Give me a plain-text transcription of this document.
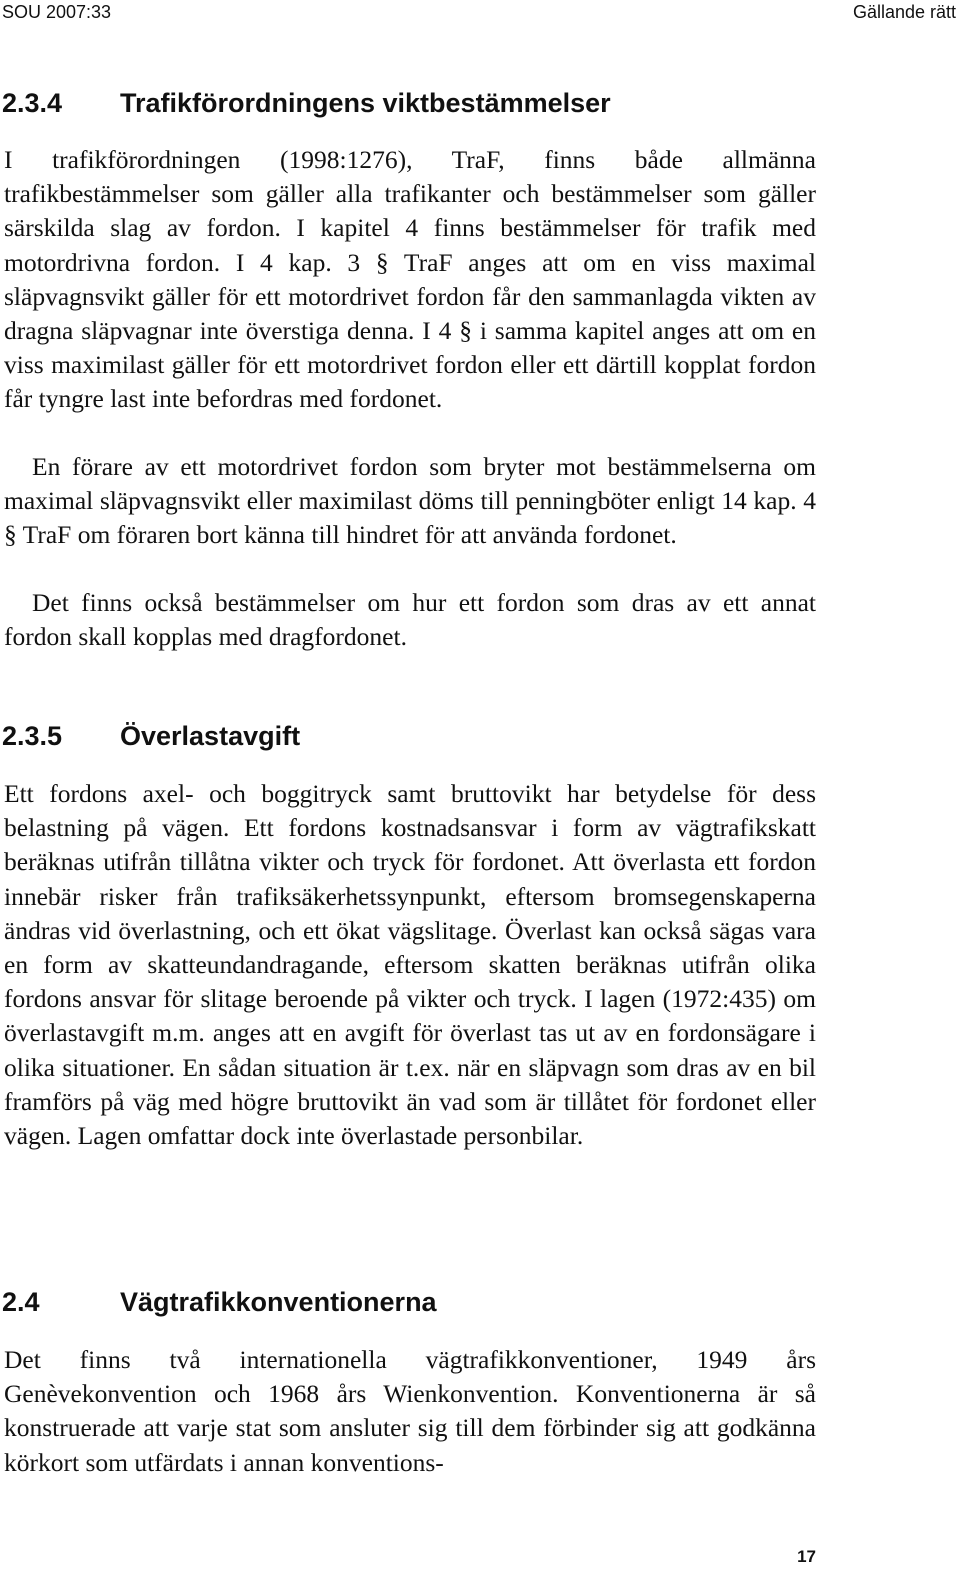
SOU 2007:33	Gällande rätt
2.3.4 Trafikförordningens viktbestämmelser

I trafikförordningen (1998:1276), TraF, finns både allmänna trafikbestämmelser som gäller alla trafikanter och bestämmelser som gäller särskilda slag av fordon. I kapitel 4 finns bestämmelser för trafik med motordrivna fordon. I 4 kap. 3 § TraF anges att om en viss maximal släpvagnsvikt gäller för ett motordrivet fordon får den sammanlagda vikten av dragna släpvagnar inte överstiga denna. I 4 § i samma kapitel anges att om en viss maximilast gäller för ett motordrivet fordon eller ett därtill kopplat fordon får tyngre last inte befordras med fordonet.

En förare av ett motordrivet fordon som bryter mot bestämmelserna om maximal släpvagnsvikt eller maximilast döms till penningböter enligt 14 kap. 4 § TraF om föraren bort känna till hindret för att använda fordonet.

Det finns också bestämmelser om hur ett fordon som dras av ett annat fordon skall kopplas med dragfordonet.

2.3.5 Överlastavgift

Ett fordons axel- och boggitryck samt bruttovikt har betydelse för dess belastning på vägen. Ett fordons kostnadsansvar i form av vägtrafikskatt beräknas utifrån tillåtna vikter och tryck för fordonet. Att överlasta ett fordon innebär risker från trafiksäkerhetssynpunkt, eftersom bromsegenskaperna ändras vid överlastning, och ett ökat vägslitage. Överlast kan också sägas vara en form av skatteundandragande, eftersom skatten beräknas utifrån olika fordons ansvar för slitage beroende på vikter och tryck. I lagen (1972:435) om överlastavgift m.m. anges att en avgift för överlast tas ut av en fordonsägare i olika situationer. En sådan situation är t.ex. när en släpvagn som dras av en bil framförs på väg med högre bruttovikt än vad som är tillåtet för fordonet eller vägen. Lagen omfattar dock inte överlastade personbilar.

2.4	Vägtrafikkonventionerna

Det finns två internationella vägtrafikkonventioner, 1949 års Genèvekonvention och 1968 års Wienkonvention. Konventionerna är så konstruerade att varje stat som ansluter sig till dem förbinder sig att godkänna körkort som utfärdats i annan konventions-

17
